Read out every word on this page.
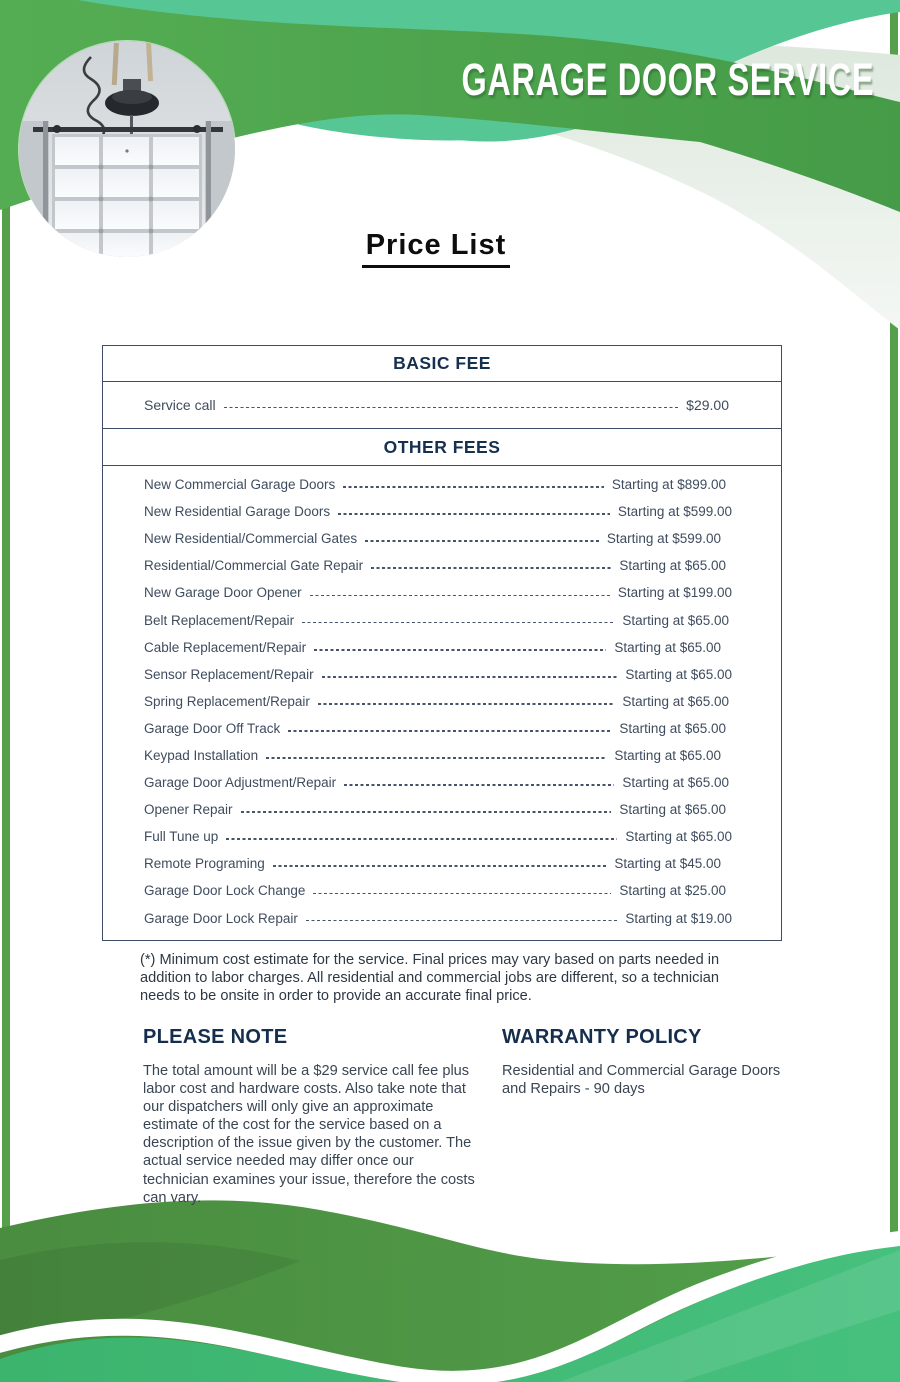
GARAGE DOOR SERVICE
Price List
BASIC FEE
Service call	$29.00
OTHER FEES
New Commercial Garage Doors	Starting at $899.00
New Residential Garage Doors	Starting at $599.00
New Residential/Commercial Gates	Starting at $599.00
Residential/Commercial Gate Repair	Starting at $65.00
New Garage Door Opener	Starting at $199.00
Belt Replacement/Repair	Starting at $65.00
Cable Replacement/Repair	Starting at $65.00
Sensor Replacement/Repair	Starting at $65.00
Spring Replacement/Repair	Starting at $65.00
Garage Door Off Track	Starting at $65.00
Keypad Installation	Starting at $65.00
Garage Door Adjustment/Repair	Starting at $65.00
Opener Repair	Starting at $65.00
Full Tune up	Starting at $65.00
Remote Programing	Starting at $45.00
Garage Door Lock Change	Starting at $25.00
Garage Door Lock Repair	Starting at $19.00
(*) Minimum cost estimate for the service. Final prices may vary based on parts needed in addition to labor charges. All residential and commercial jobs are different, so a technician needs to be onsite in order to provide an accurate final price.
PLEASE NOTE

The total amount will be a $29 service call fee plus labor cost and hardware costs. Also take note that our dispatchers will only give an approximate estimate of the cost for the service based on a description of the issue given by the customer. The actual service needed may differ once our technician examines your issue, therefore the costs can vary.

WARRANTY POLICY

Residential and Commercial Garage Doors and Repairs - 90 days
